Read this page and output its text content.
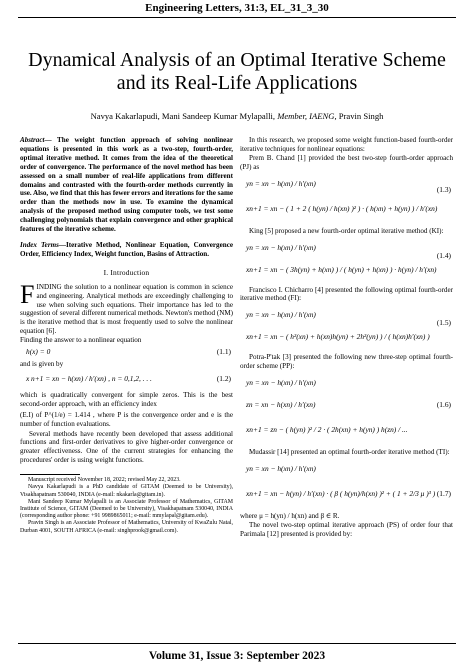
Engineering Letters, 31:3, EL_31_3_30
Dynamical Analysis of an Optimal Iterative Scheme and its Real-Life Applications
Navya Kakarlapudi, Mani Sandeep Kumar Mylapalli, Member, IAENG, Pravin Singh

Abstract— The weight function approach of solving nonlinear equations is presented in this work as a two-step, fourth-order, optimal iterative method. It comes from the idea of the theoretical order of convergence. The performance of the novel method has been assessed on a small number of real-life applications from different domains and contrasted with the fourth-order methods currently in use. Also, we find that this has fewer errors and iterations for the same order than the methods now in use. To examine the dynamical analysis of the proposed method using computer tools, we test some challenging polynomials that explain convergence and other graphical features of the iterative scheme.

Index Terms—Iterative Method, Nonlinear Equation, Convergence Order, Efficiency Index, Weight function, Basins of Attraction.

I. Introduction

FINDING the solution to a nonlinear equation is common in science and engineering. Analytical methods are exceedingly challenging to use when solving such equations. Their importance has led to the suggestion of several different numerical methods. Newton's method (NM) is the iterative method that is most frequently used to solve the nonlinear equation [6].

Finding the answer to a nonlinear equation

h(x) = 0	(1.1)

and is given by

x n+1 = xn − h(xn) / h′(xn) , n = 0,1,2, . . .	(1.2)

which is quadratically convergent for simple zeros. This is the best second-order approach, with an efficiency index

(E.I) of P^(1/e) = 1.414 , where P is the convergence order and e is the number of function evaluations.

Several methods have recently been developed that assess additional functions and first-order derivatives to give higher-order convergence or greater effectiveness. One of the current strategies for enhancing the procedures' order is using weight functions.

Manuscript received November 18, 2022; revised May 22, 2023.

Navya Kakarlapudi is a PhD candidate of GITAM (Deemed to be University), Visakhapatnam 530040, INDIA (e-mail: nkakarla@gitam.in).

Mani Sandeep Kumar Mylapalli is an Associate Professor of Mathematics, GITAM Institute of Science, GITAM (Deemed to be University), Visakhapatnam 530040, INDIA (corresponding author phone: +91 9989865011; e-mail: mmylapal@gitam.edu).

Pravin Singh is an Associate Professor of Mathematics, University of KwaZulu Natal, Durban 4001, SOUTH AFRICA (e-mail: singhprook@gmail.com).

In this research, we proposed some weight function-based fourth-order iterative techniques for nonlinear equations:

Prem B. Chand [1] provided the best two-step fourth-order approach (PJ) as

yn = xn − h(xn) / h′(xn)
xn+1 = xn − ( 1 + 2 ( h(yn) / h(xn) )² ) · ( h(xn) + h(yn) ) / h′(xn)
(1.3)

King [5] proposed a new fourth-order optimal iterative method (KI):

yn = xn − h(xn) / h′(xn)
xn+1 = xn − ( 3h(yn) + h(xn) ) / ( h(yn) + h(xn) ) · h(yn) / h′(xn)
(1.4)

Francisco I. Chicharro [4] presented the following optimal fourth-order iterative method (FI):

yn = xn − h(xn) / h′(xn)
xn+1 = xn − ( h²(xn) + h(xn)h(yn) + 2h²(yn) ) / ( h(xn)h′(xn) )
(1.5)

Potra-P'tak [3] presented the following new three-step optimal fourth-order scheme (PP):

yn = xn − h(xn) / h′(xn)
zn = xn − h(xn) / h′(xn)	(1.6)
xn+1 = zn − ( h(yn) )² / 2 · ( 2h(xn) + h(yn) ) h(zn) / ...

Mudassir [14] presented an optimal fourth-order iterative method (TI):

yn = xn − h(xn) / h′(xn)
xn+1 = xn − h(yn) / h′(xn) · ( β ( h(yn)/h(xn) )² + ( 1 + 2/3 μ )³ ) (1.7)

where μ = h(yn) / h(xn) and β ∈ R.

The novel two-step optimal iterative approach (PS) of order four that Parimala [12] presented is provided by:

Volume 31, Issue 3: September 2023
